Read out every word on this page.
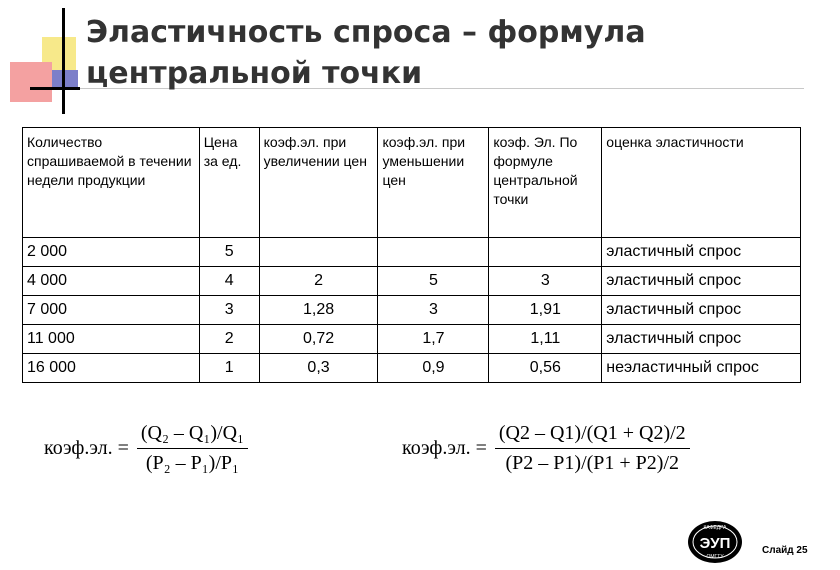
Эластичность спроса – формула
центральной точки
Количество спрашиваемой в течении недели продукции	Цена за ед.	коэф.эл. при увеличении цен	коэф.эл. при уменьшении цен	коэф. Эл. По формуле центральной точки	оценка эластичности
2 000	5				эластичный спрос
4 000	4	2	5	3	эластичный спрос
7 000	3	1,28	3	1,91	эластичный спрос
11 000	2	0,72	1,7	1,11	эластичный спрос
16 000	1	0,3	0,9	0,56	неэластичный спрос
коэф.эл. = $\frac{\text{(Q₂ – Q₁)/Q₁}}{\text{(P₂ – P₁)/P₁}}$	коэф.эл. = $\frac{(Q2 - Q1)/(Q1 + Q2)/2}{(P2 - P1)/(P1 + P2)/2}$
КАФЕДРА
ЭУП
ОМГТУ
Слайд 25
